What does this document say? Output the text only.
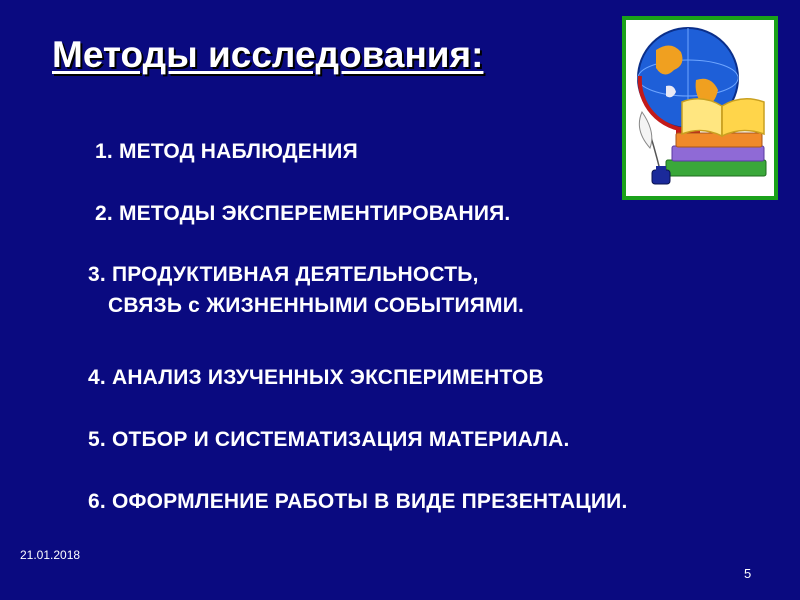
Методы исследования:
1. МЕТОД НАБЛЮДЕНИЯ
2. МЕТОДЫ ЭКСПЕРЕМЕНТИРОВАНИЯ.
3. ПРОДУКТИВНАЯ ДЕЯТЕЛЬНОСТЬ,
СВЯЗЬ с ЖИЗНЕННЫМИ СОБЫТИЯМИ.
4. АНАЛИЗ ИЗУЧЕННЫХ ЭКСПЕРИМЕНТОВ
5. ОТБОР И СИСТЕМАТИЗАЦИЯ МАТЕРИАЛА.
6. ОФОРМЛЕНИЕ РАБОТЫ В ВИДЕ ПРЕЗЕНТАЦИИ.
21.01.2018
5
